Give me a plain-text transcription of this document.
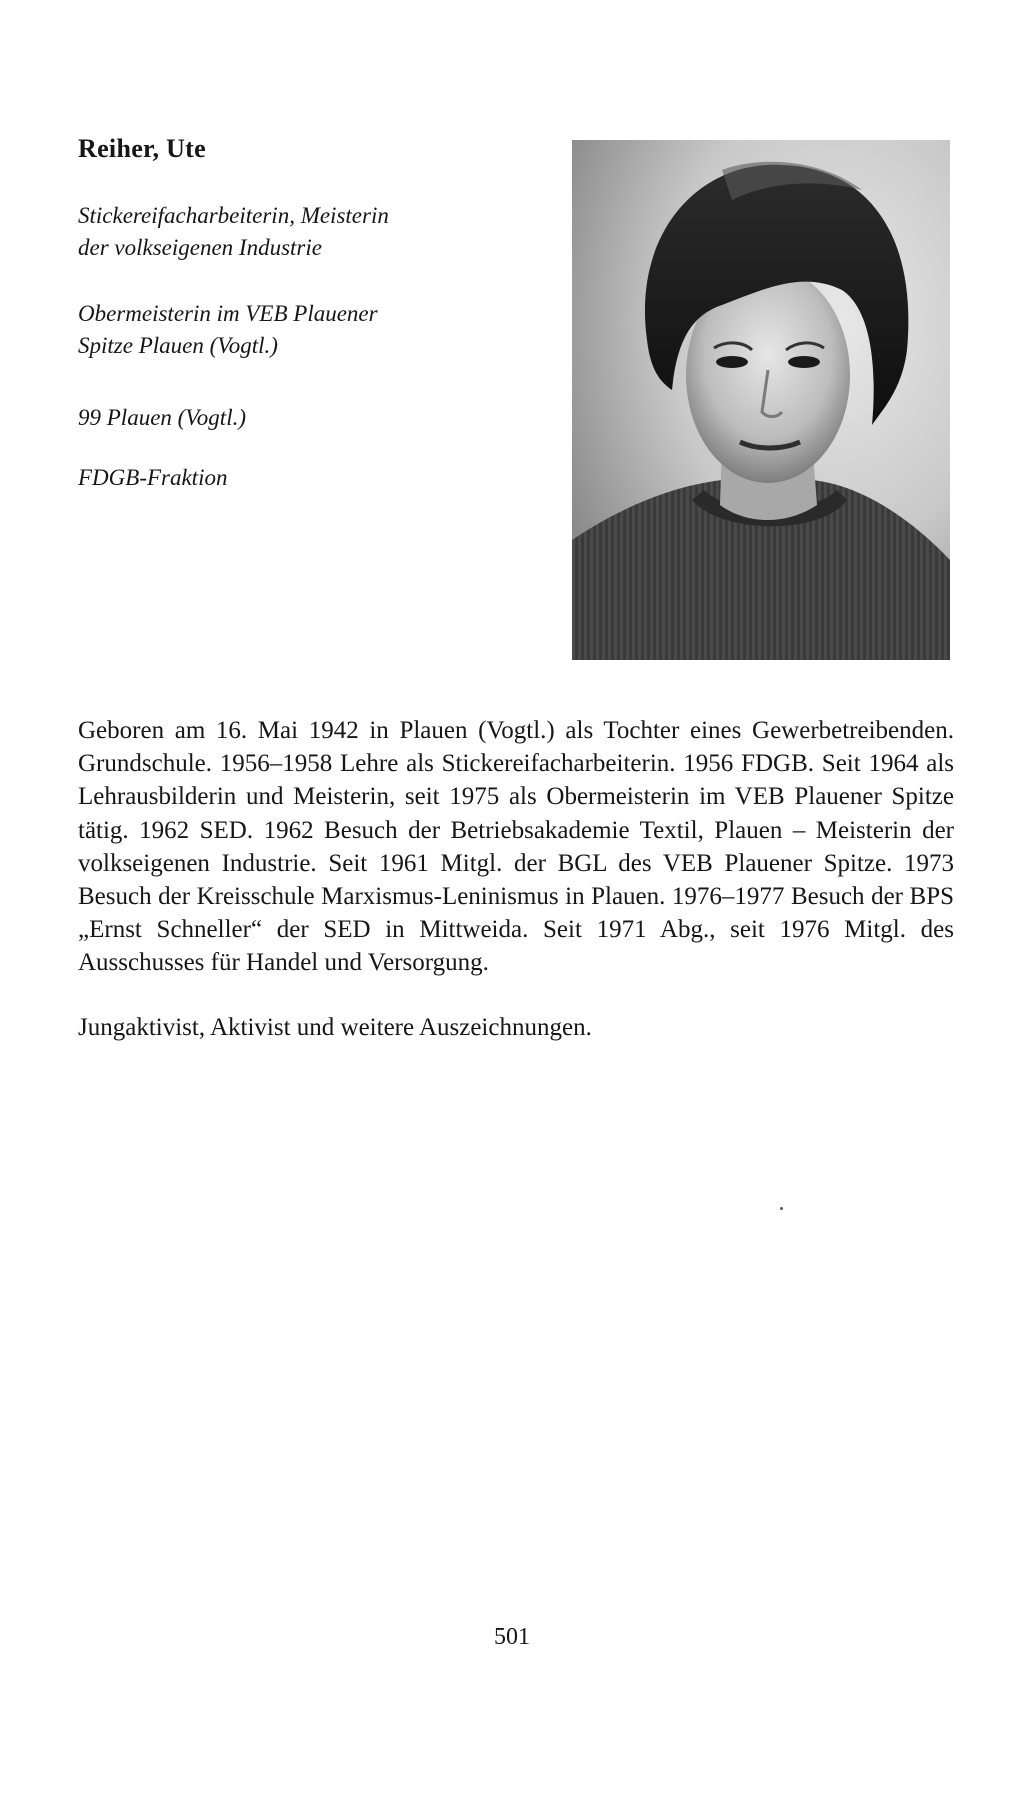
Reiher, Ute
Stickereifacharbeiterin, Meisterin
der volkseigenen Industrie
Obermeisterin im VEB Plauener
Spitze Plauen (Vogtl.)
99 Plauen (Vogtl.)
FDGB-Fraktion

Geboren am 16. Mai 1942 in Plauen (Vogtl.) als Tochter eines Gewerbetreibenden. Grundschule. 1956–1958 Lehre als Stickereifacharbeiterin. 1956 FDGB. Seit 1964 als Lehrausbilderin und Meisterin, seit 1975 als Obermeisterin im VEB Plauener Spitze tätig. 1962 SED. 1962 Besuch der Betriebsakademie Textil, Plauen – Meisterin der volkseigenen Industrie. Seit 1961 Mitgl. der BGL des VEB Plauener Spitze. 1973 Besuch der Kreisschule Marxismus-Leninismus in Plauen. 1976–1977 Besuch der BPS „Ernst Schneller“ der SED in Mittweida. Seit 1971 Abg., seit 1976 Mitgl. des Ausschusses für Handel und Versorgung.

Jungaktivist, Aktivist und weitere Auszeichnungen.
501
